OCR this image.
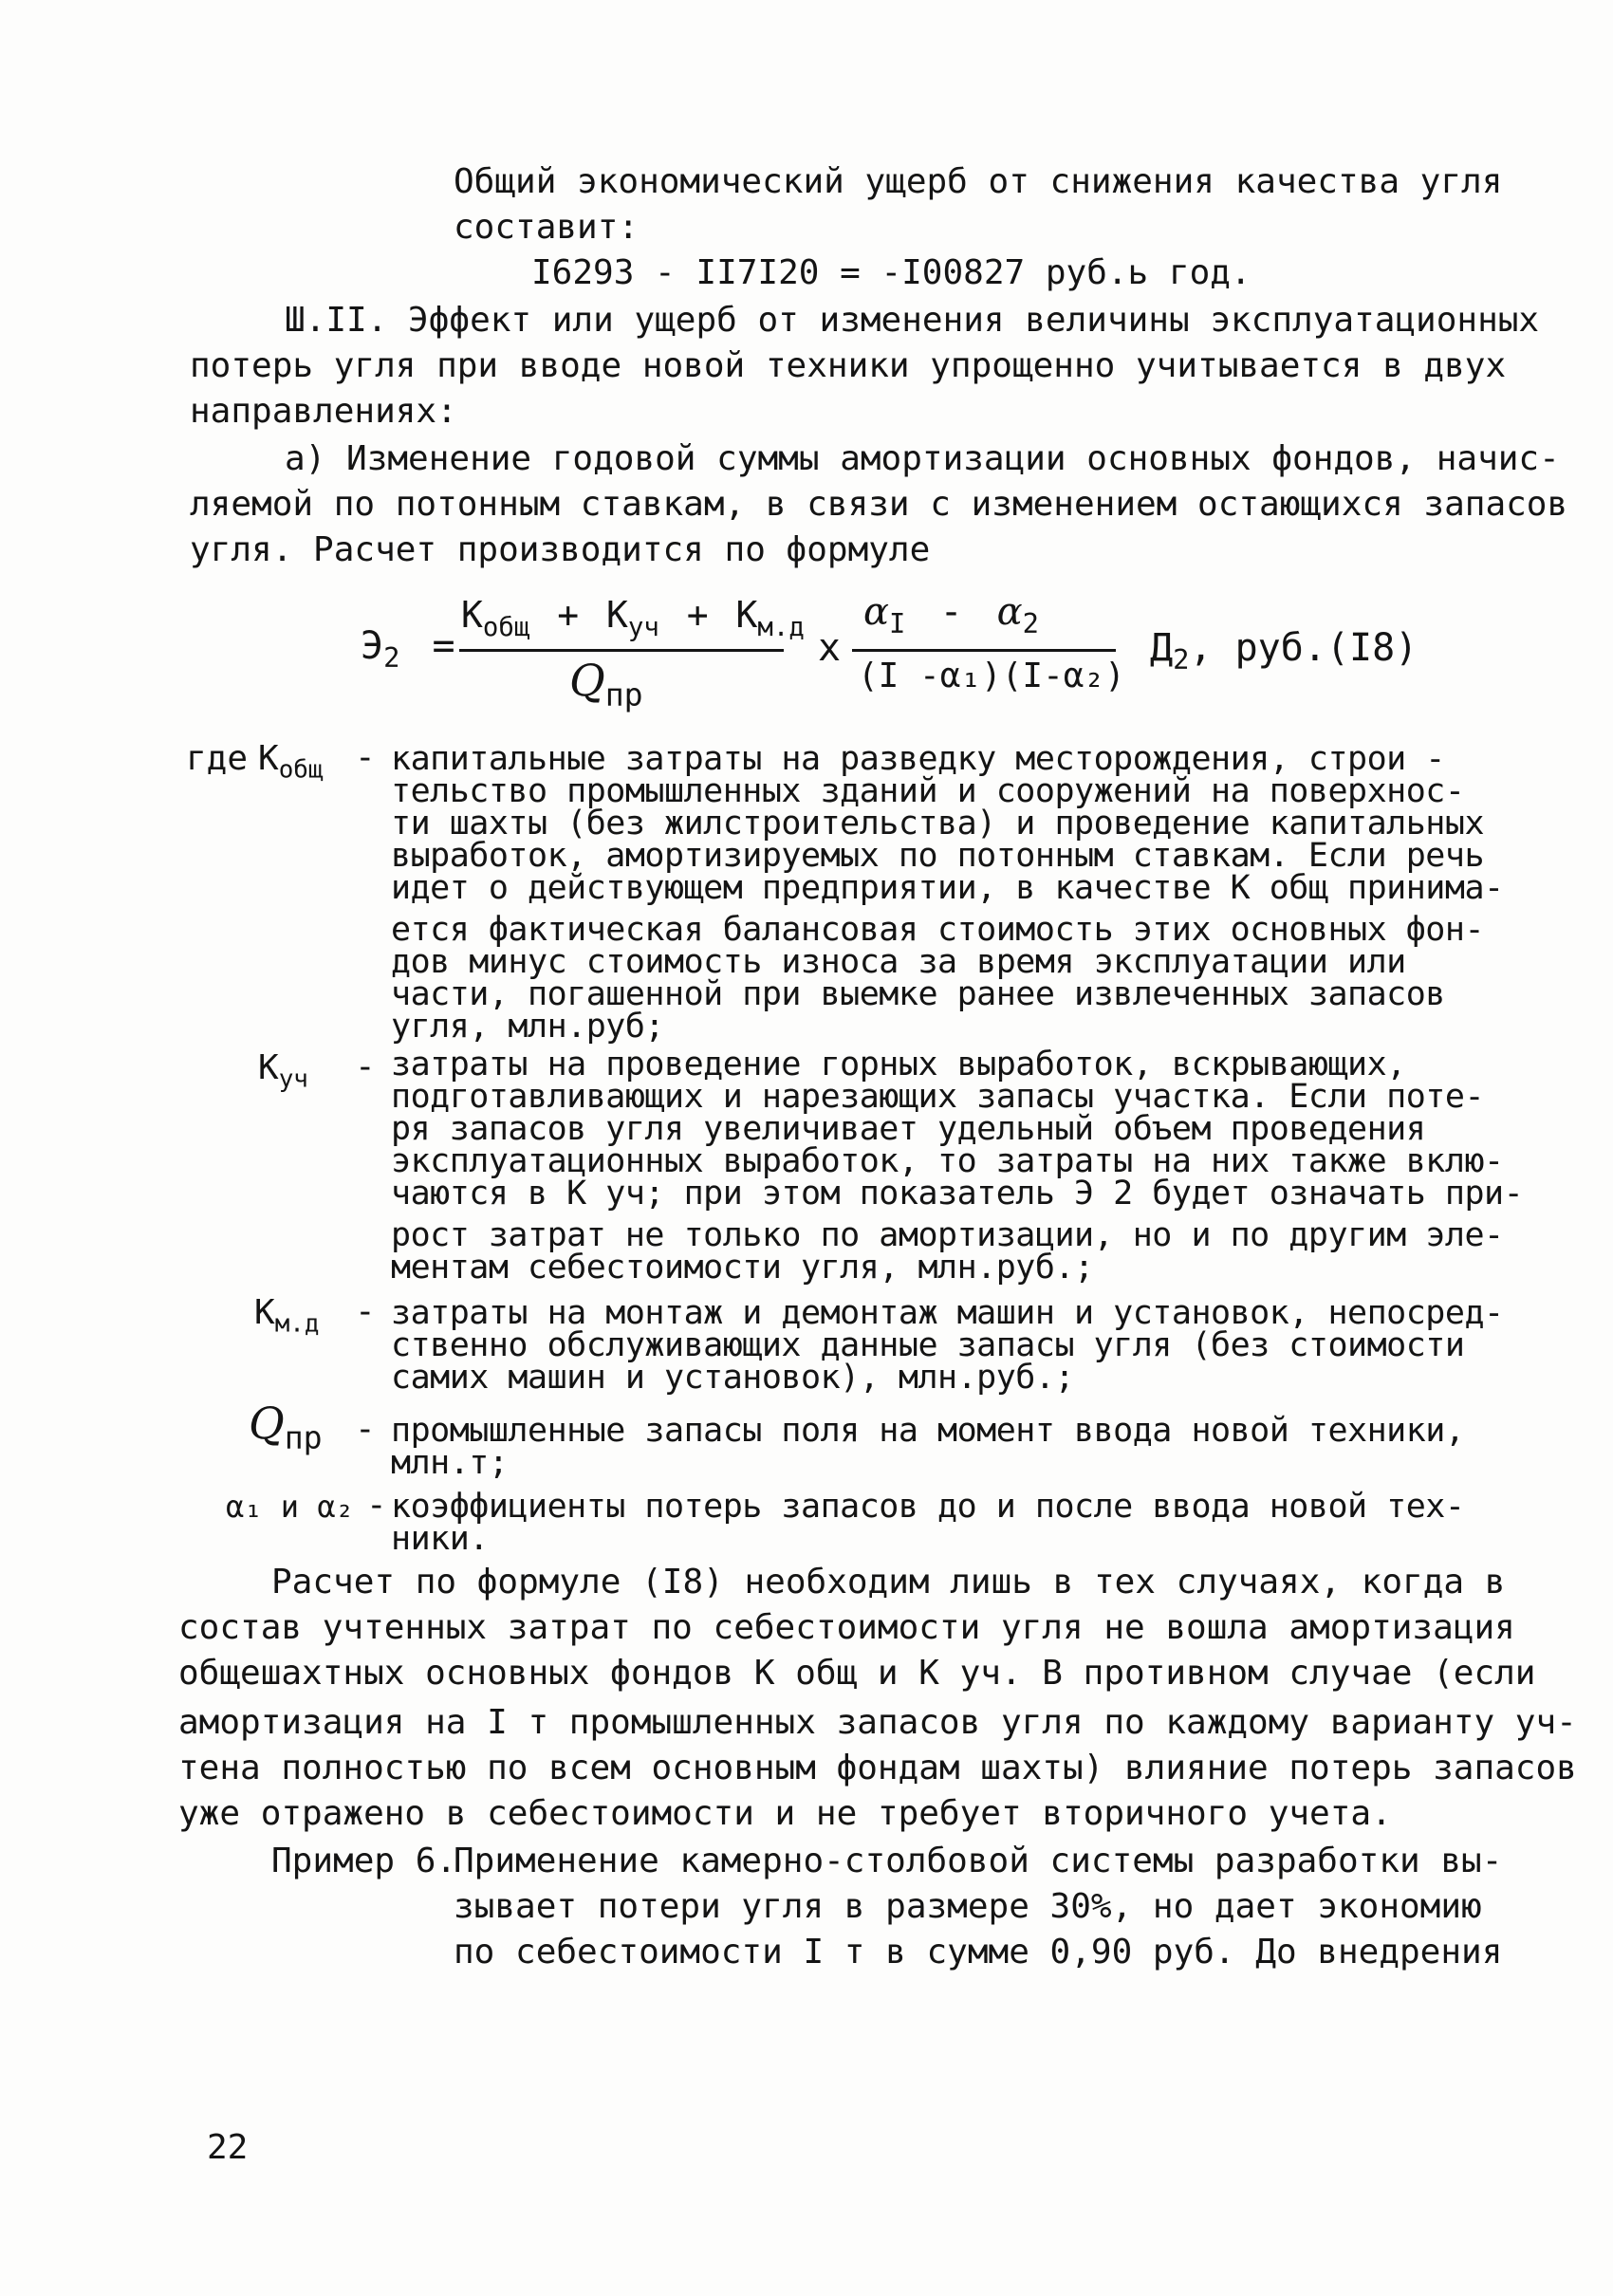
Общий экономический ущерб от снижения качества угля
составит:
I6293 - II7I20 = -I00827 руб.ь год.
Ш.II. Эффект или ущерб от изменения величины эксплуатационных
потерь угля при вводе новой техники упрощенно учитывается в двух
направлениях:
а) Изменение годовой суммы амортизации основных фондов, начис-
ляемой по потонным ставкам, в связи с изменением остающихся запасов
угля. Расчет производится по формуле
$Э_2$ =
$К_{общ} + К_{уч} + К_{м.д}$
$Q_{пр}$
х
$\alpha_I - \alpha_2$
(I -α₁)(I-α₂)
$Д_2$, руб.(I8)
где $К_{общ}$ - капитальные затраты на разведку месторождения, строи -
тельство промышленных зданий и сооружений на поверхнос-
ти шахты (без жилстроительства) и проведение капитальных
выработок, амортизируемых по потонным ставкам. Если речь
идет о действующем предприятии, в качестве К общ принима-
ется фактическая балансовая стоимость этих основных фон-
дов минус стоимость износа за время эксплуатации или
части, погашенной при выемке ранее извлеченных запасов
угля, млн.руб;
$К_{уч}$ - затраты на проведение горных выработок, вскрывающих,
подготавливающих и нарезающих запасы участка. Если поте-
ря запасов угля увеличивает удельный объем проведения
эксплуатационных выработок, то затраты на них также вклю-
чаются в К уч; при этом показатель Э 2 будет означать при-
рост затрат не только по амортизации, но и по другим эле-
ментам себестоимости угля, млн.руб.;
$К_{м.д}$ - затраты на монтаж и демонтаж машин и установок, непосред-
ственно обслуживающих данные запасы угля (без стоимости
самих машин и установок), млн.руб.;
$Q_{пр}$ - промышленные запасы поля на момент ввода новой техники,
млн.т;
α₁ и α₂ - коэффициенты потерь запасов до и после ввода новой тех-
ники.
Расчет по формуле (I8) необходим лишь в тех случаях, когда в
состав учтенных затрат по себестоимости угля не вошла амортизация
общешахтных основных фондов К общ и К уч. В противном случае (если
амортизация на I т промышленных запасов угля по каждому варианту уч-
тена полностью по всем основным фондам шахты) влияние потерь запасов
уже отражено в себестоимости и не требует вторичного учета.
Пример 6.
Применение камерно-столбовой системы разработки вы-
зывает потери угля в размере 30%, но дает экономию
по себестоимости I т в сумме 0,90 руб. До внедрения
22
